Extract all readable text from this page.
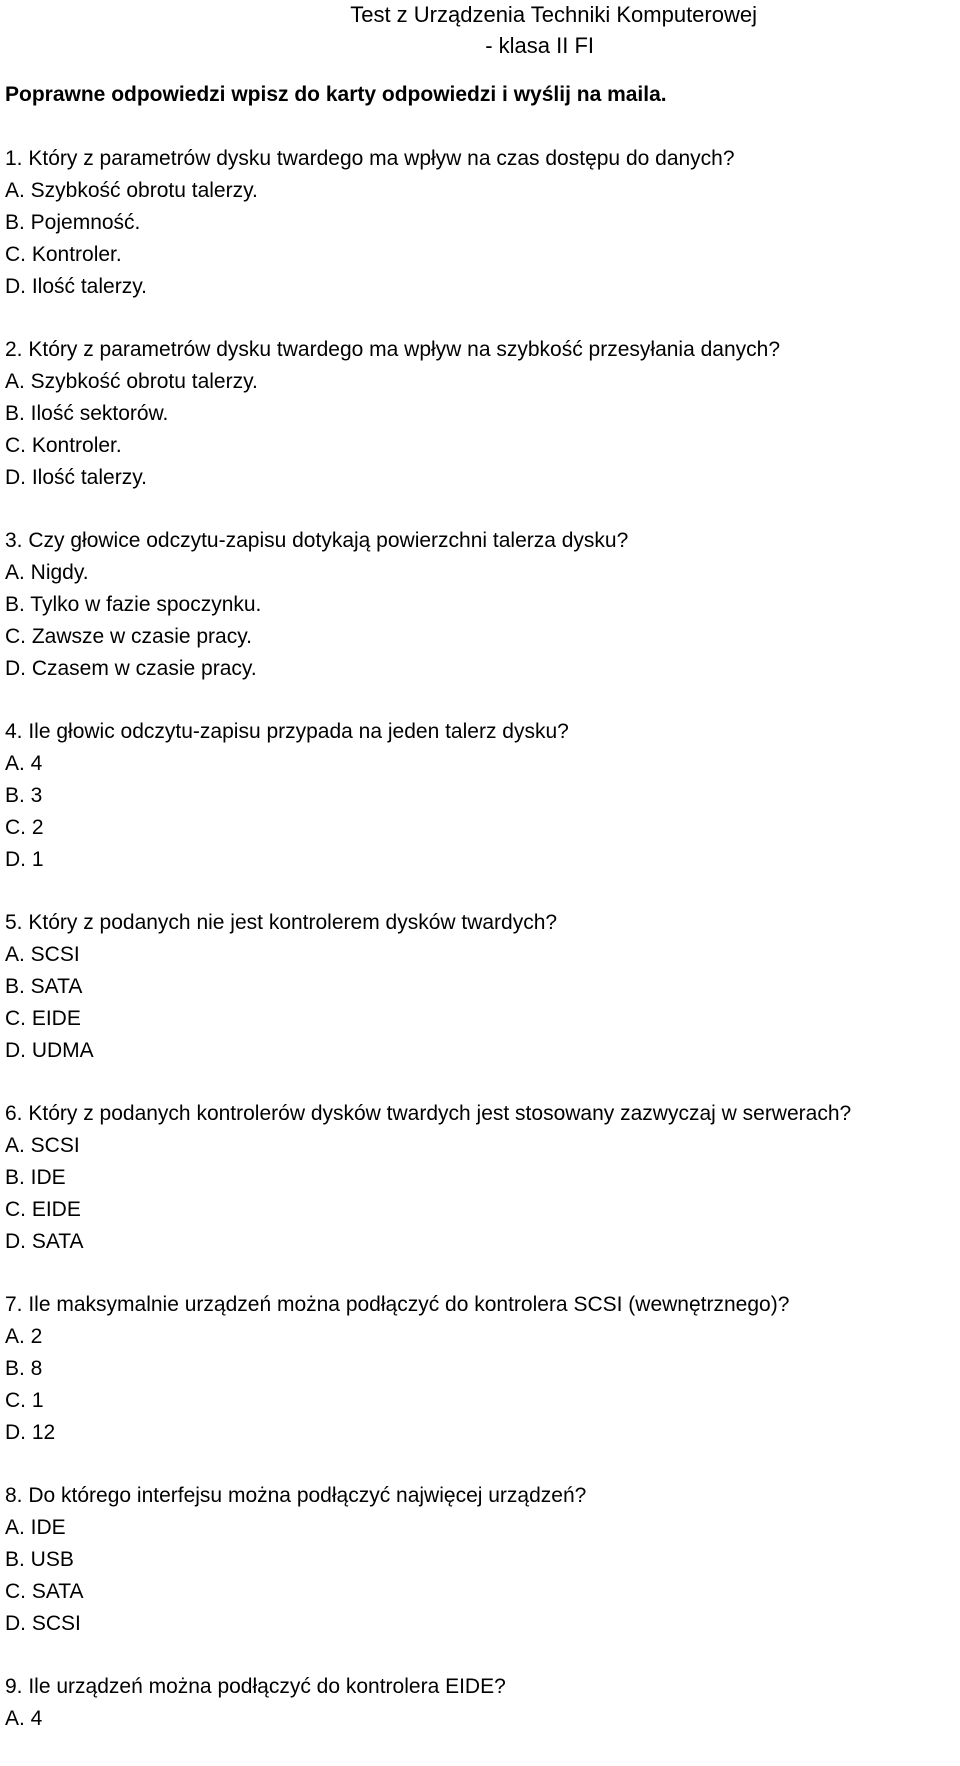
Test z Urządzenia Techniki Komputerowej
- klasa II FI
Poprawne odpowiedzi wpisz do karty odpowiedzi i wyślij na maila.
1. Który z parametrów dysku twardego ma wpływ na czas dostępu do danych?
A. Szybkość obrotu talerzy.
B. Pojemność.
C. Kontroler.
D. Ilość talerzy.
2. Który z parametrów dysku twardego ma wpływ na szybkość przesyłania danych?
A. Szybkość obrotu talerzy.
B. Ilość sektorów.
C. Kontroler.
D. Ilość talerzy.
3. Czy głowice odczytu-zapisu dotykają powierzchni talerza dysku?
A. Nigdy.
B. Tylko w fazie spoczynku.
C. Zawsze w czasie pracy.
D. Czasem w czasie pracy.
4. Ile głowic odczytu-zapisu przypada na jeden talerz dysku?
A. 4
B. 3
C. 2
D. 1
5. Który z podanych nie jest kontrolerem dysków twardych?
A. SCSI
B. SATA
C. EIDE
D. UDMA
6. Który z podanych kontrolerów dysków twardych jest stosowany zazwyczaj w serwerach?
A. SCSI
B. IDE
C. EIDE
D. SATA
7. Ile maksymalnie urządzeń można podłączyć do kontrolera SCSI (wewnętrznego)?
A. 2
B. 8
C. 1
D. 12
8. Do którego interfejsu można podłączyć najwięcej urządzeń?
A. IDE
B. USB
C. SATA
D. SCSI
9. Ile urządzeń można podłączyć do kontrolera EIDE?
A. 4
